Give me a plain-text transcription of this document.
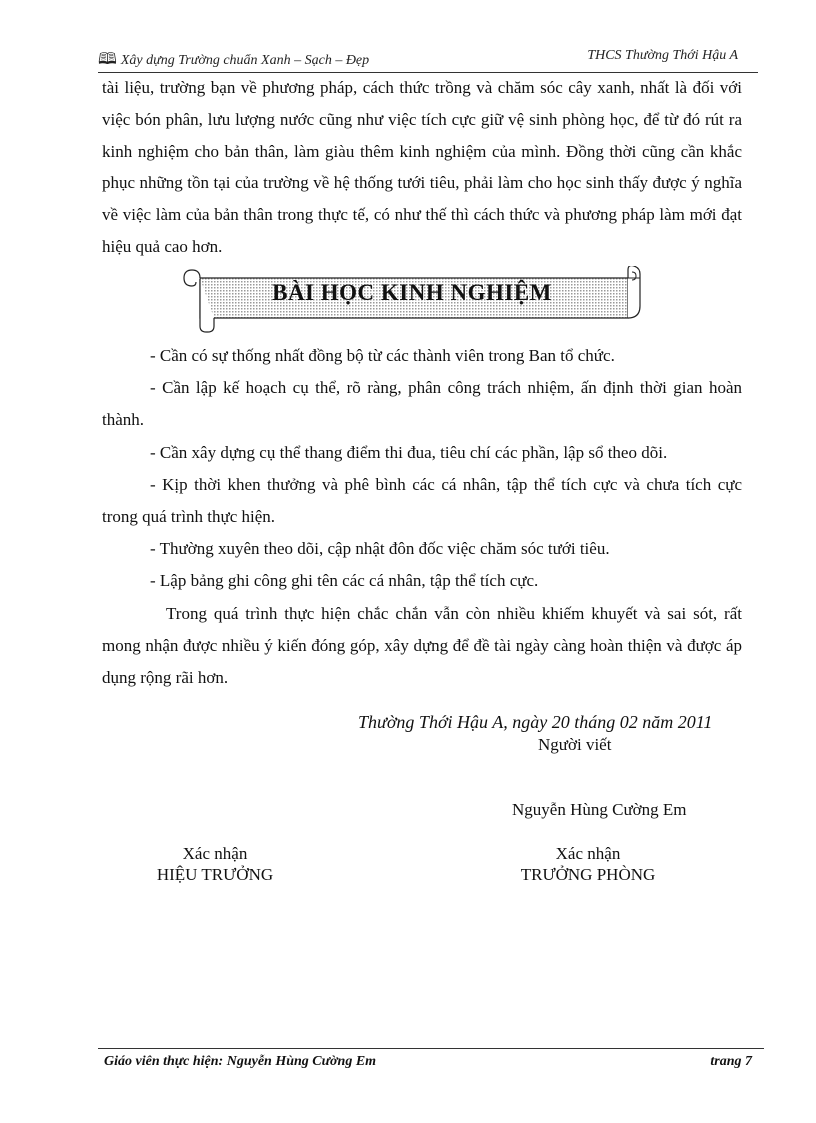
🕮 Xây dựng Trường chuẩn Xanh – Sạch – Đẹp	THCS Thường Thới Hậu A
tài liệu, trường bạn về phương pháp, cách thức trồng và chăm sóc cây xanh, nhất là đối với việc bón phân, lưu lượng nước cũng như việc tích cực giữ vệ sinh phòng học, để từ đó rút ra kinh nghiệm cho bản thân, làm giàu thêm kinh nghiệm của mình. Đồng thời cũng cần khắc phục những tồn tại của trường về hệ thống tưới tiêu, phải làm cho học sinh thấy được ý nghĩa về việc làm của bản thân trong thực tế, có như thế thì cách thức và phương pháp làm mới đạt hiệu quả cao hơn.
BÀI HỌC KINH NGHIỆM

- Cần có sự thống nhất đồng bộ từ các thành viên trong Ban tổ chức.

- Cần lập kế hoạch cụ thể, rõ ràng, phân công trách nhiệm, ấn định thời gian hoàn thành.

- Cần xây dựng cụ thể thang điểm thi đua, tiêu chí các phần, lập sổ theo dõi.

- Kịp thời khen thưởng và phê bình các cá nhân, tập thể tích cực và chưa tích cực trong quá trình thực hiện.

- Thường xuyên theo dõi, cập nhật đôn đốc việc chăm sóc tưới tiêu.

- Lập bảng ghi công ghi tên các cá nhân, tập thể tích cực.

Trong quá trình thực hiện chắc chắn vẫn còn nhiều khiếm khuyết và sai sót, rất mong nhận được nhiều ý kiến đóng góp, xây dựng để đề tài ngày càng hoàn thiện và được áp dụng rộng rãi hơn.

Thường Thới Hậu A, ngày 20 tháng 02 năm 2011
Người viết
Nguyễn Hùng Cường Em
Xác nhận
HIỆU TRƯỞNG
Xác nhận
TRƯỞNG PHÒNG
Giáo viên thực hiện: Nguyễn Hùng Cường Em	trang 7
